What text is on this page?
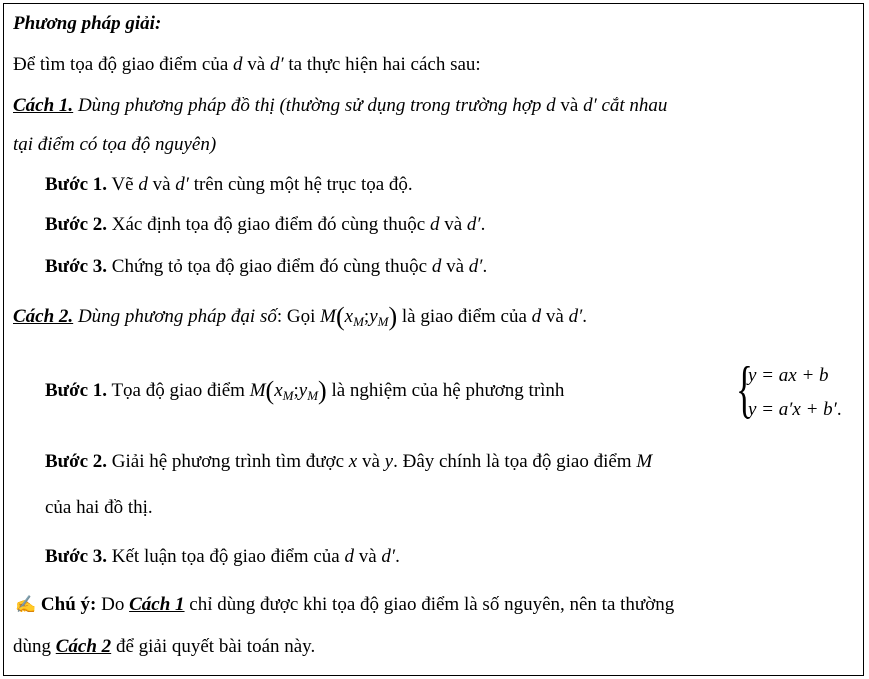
Phương pháp giải:
Để tìm tọa độ giao điểm của d và d′ ta thực hiện hai cách sau:
Cách 1. Dùng phương pháp đồ thị (thường sử dụng trong trường hợp d và d′ cắt nhau
tại điểm có tọa độ nguyên)
Bước 1. Vẽ d và d′ trên cùng một hệ trục tọa độ.
Bước 2. Xác định tọa độ giao điểm đó cùng thuộc d và d′.
Bước 3. Chứng tỏ tọa độ giao điểm đó cùng thuộc d và d′.
Cách 2. Dùng phương pháp đại số: Gọi $M(x_M;y_M)$ là giao điểm của d và d′.
Bước 1. Tọa độ giao điểm $M(x_M;y_M)$ là nghiệm của hệ phương trình	{
y = ax + b
y = a′x + b′.
Bước 2. Giải hệ phương trình tìm được x và y. Đây chính là tọa độ giao điểm M
của hai đồ thị.
Bước 3. Kết luận tọa độ giao điểm của d và d′.
✍ Chú ý: Do Cách 1 chỉ dùng được khi tọa độ giao điểm là số nguyên, nên ta thường
dùng Cách 2 để giải quyết bài toán này.
